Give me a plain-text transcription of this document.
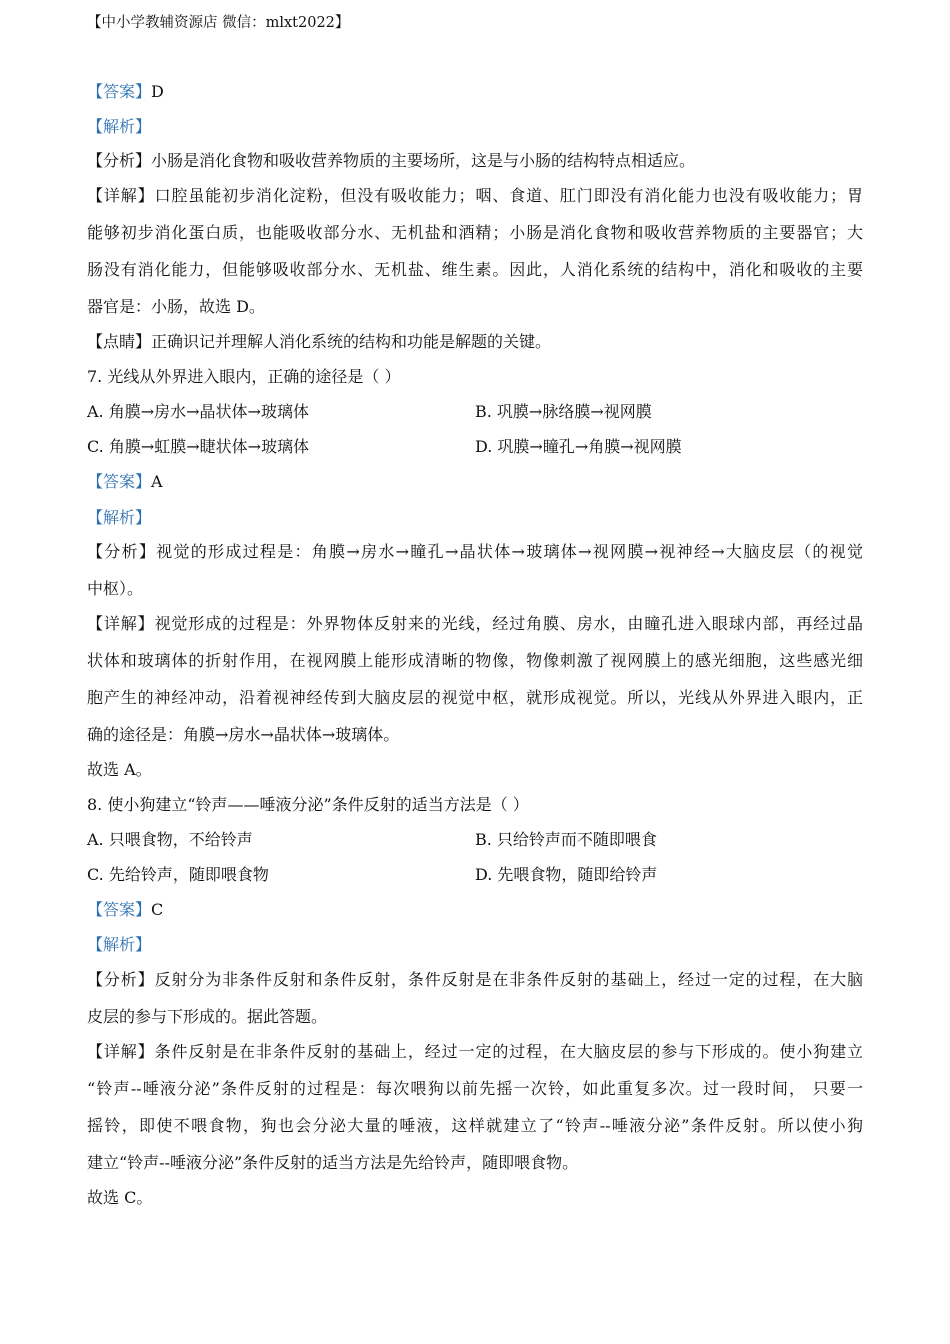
【中小学教辅资源店 微信：mlxt2022】
【答案】D
【解析】
【分析】小肠是消化食物和吸收营养物质的主要场所，这是与小肠的结构特点相适应。
【详解】口腔虽能初步消化淀粉，但没有吸收能力；咽、食道、肛门即没有消化能力也没有吸收能力；胃
能够初步消化蛋白质，也能吸收部分水、无机盐和酒精；小肠是消化食物和吸收营养物质的主要器官；大
肠没有消化能力，但能够吸收部分水、无机盐、维生素。因此，人消化系统的结构中，消化和吸收的主要
器官是：小肠，故选 D。
【点睛】正确识记并理解人消化系统的结构和功能是解题的关键。
7. 光线从外界进入眼内，正确的途径是（ ）
A. 角膜→房水→晶状体→玻璃体	B. 巩膜→脉络膜→视网膜
C. 角膜→虹膜→睫状体→玻璃体	D. 巩膜→瞳孔→角膜→视网膜
【答案】A
【解析】
【分析】视觉的形成过程是：角膜→房水→瞳孔→晶状体→玻璃体→视网膜→视神经→大脑皮层（的视觉
中枢）。
【详解】视觉形成的过程是：外界物体反射来的光线，经过角膜、房水，由瞳孔进入眼球内部，再经过晶
状体和玻璃体的折射作用，在视网膜上能形成清晰的物像，物像刺激了视网膜上的感光细胞，这些感光细
胞产生的神经冲动，沿着视神经传到大脑皮层的视觉中枢，就形成视觉。所以，光线从外界进入眼内，正
确的途径是：角膜→房水→晶状体→玻璃体。
故选 A。
8. 使小狗建立“铃声——唾液分泌”条件反射的适当方法是（ ）
A. 只喂食物，不给铃声	B. 只给铃声而不随即喂食
C. 先给铃声，随即喂食物	D. 先喂食物，随即给铃声
【答案】C
【解析】
【分析】反射分为非条件反射和条件反射，条件反射是在非条件反射的基础上，经过一定的过程，在大脑
皮层的参与下形成的。据此答题。
【详解】条件反射是在非条件反射的基础上，经过一定的过程，在大脑皮层的参与下形成的。使小狗建立
“铃声--唾液分泌”条件反射的过程是：每次喂狗以前先摇一次铃，如此重复多次。过一段时间， 只要一
摇铃，即使不喂食物，狗也会分泌大量的唾液，这样就建立了“铃声--唾液分泌”条件反射。所以使小狗
建立“铃声--唾液分泌”条件反射的适当方法是先给铃声，随即喂食物。
故选 C。
